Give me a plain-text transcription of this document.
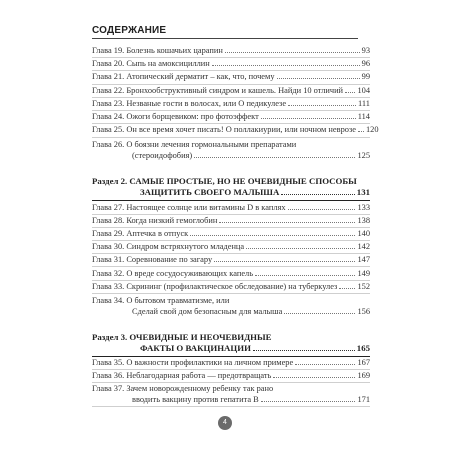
СОДЕРЖАНИЕ
Глава 19. Болезнь кошачьих царапин	93
Глава 20. Сыпь на амоксициллин	96
Глава 21. Атопический дерматит – как, что, почему	99
Глава 22. Бронхообструктивный синдром и кашель. Найди 10 отличий 104
Глава 23. Незваные гости в волосах, или О педикулезе	111
Глава 24. Ожоги борщевиком: про фотоэффект	114
Глава 25. Он все время хочет писать! О поллакиурии, или ночном неврозе 120
Глава 26. О боязни лечения гормональными препаратами
(стероидофобия)	125
Раздел 2. САМЫЕ ПРОСТЫЕ, НО НЕ ОЧЕВИДНЫЕ СПОСОБЫ
ЗАЩИТИТЬ СВОЕГО МАЛЫША	131
Глава 27. Настоящее солнце или витамины D в каплях	133
Глава 28. Когда низкий гемоглобин	138
Глава 29. Аптечка в отпуск	140
Глава 30. Синдром встряхнутого младенца	142
Глава 31. Соревнование по загару	147
Глава 32. О вреде сосудосуживающих капель	149
Глава 33. Скрининг (профилактическое обследование) на туберкулез 152
Глава 34. О бытовом травматизме, или
Сделай свой дом безопасным для малыша	156
Раздел 3. ОЧЕВИДНЫЕ И НЕОЧЕВИДНЫЕ
ФАКТЫ О ВАКЦИНАЦИИ	165
Глава 35. О важности профилактики на личном примере	167
Глава 36. Неблагодарная работа — предотвращать	169
Глава 37. Зачем новорожденному ребенку так рано
вводить вакцину против гепатита В	171
4
